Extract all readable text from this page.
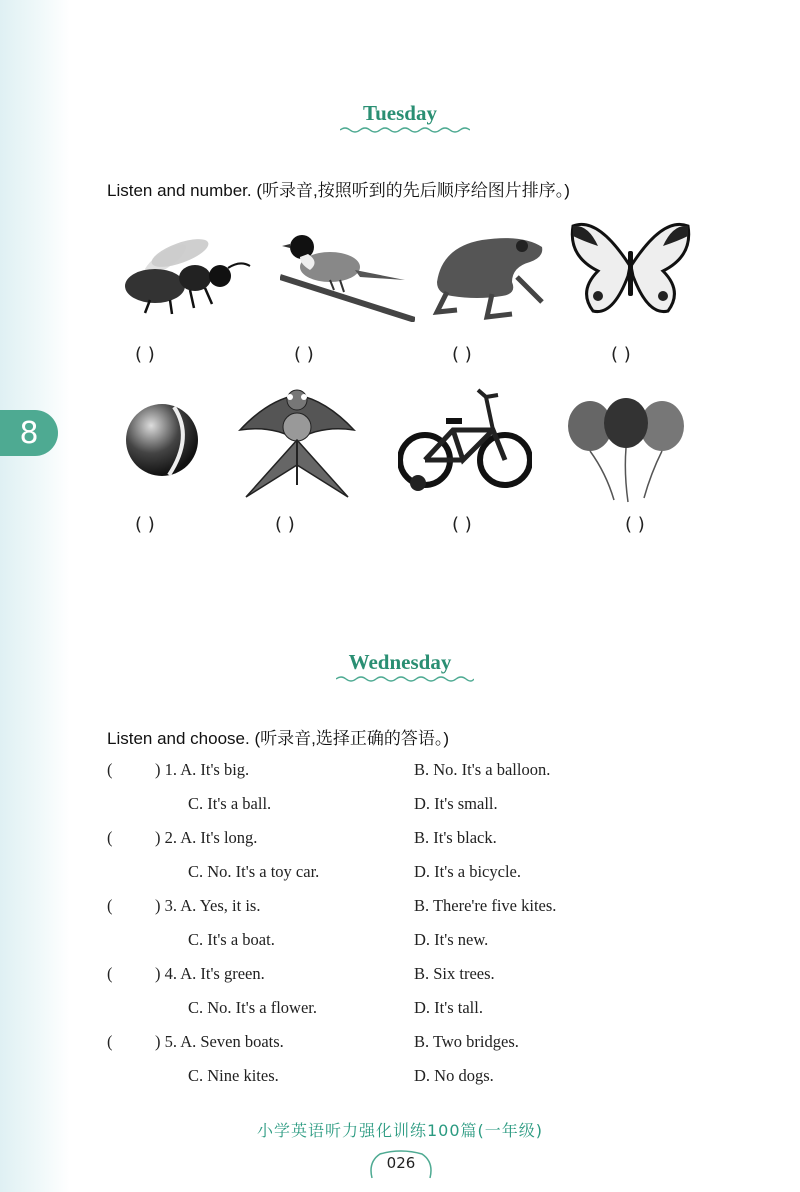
8
Tuesday
Listen and number. (听录音,按照听到的先后顺序给图片排序。)
( )	( )	( )	( )
( )	( )	( )	( )
Wednesday
Listen and choose. (听录音,选择正确的答语。)
(	) 1. A. It's big.	B. No. It's a balloon.
C. It's a ball.	D. It's small.
(	) 2. A. It's long.	B. It's black.
C. No. It's a toy car.	D. It's a bicycle.
(	) 3. A. Yes, it is.	B. There're five kites.
C. It's a boat.	D. It's new.
(	) 4. A. It's green.	B. Six trees.
C. No. It's a flower.	D. It's tall.
(	) 5. A. Seven boats.	B. Two bridges.
C. Nine kites.	D. No dogs.
小学英语听力强化训练100篇(一年级)
026
